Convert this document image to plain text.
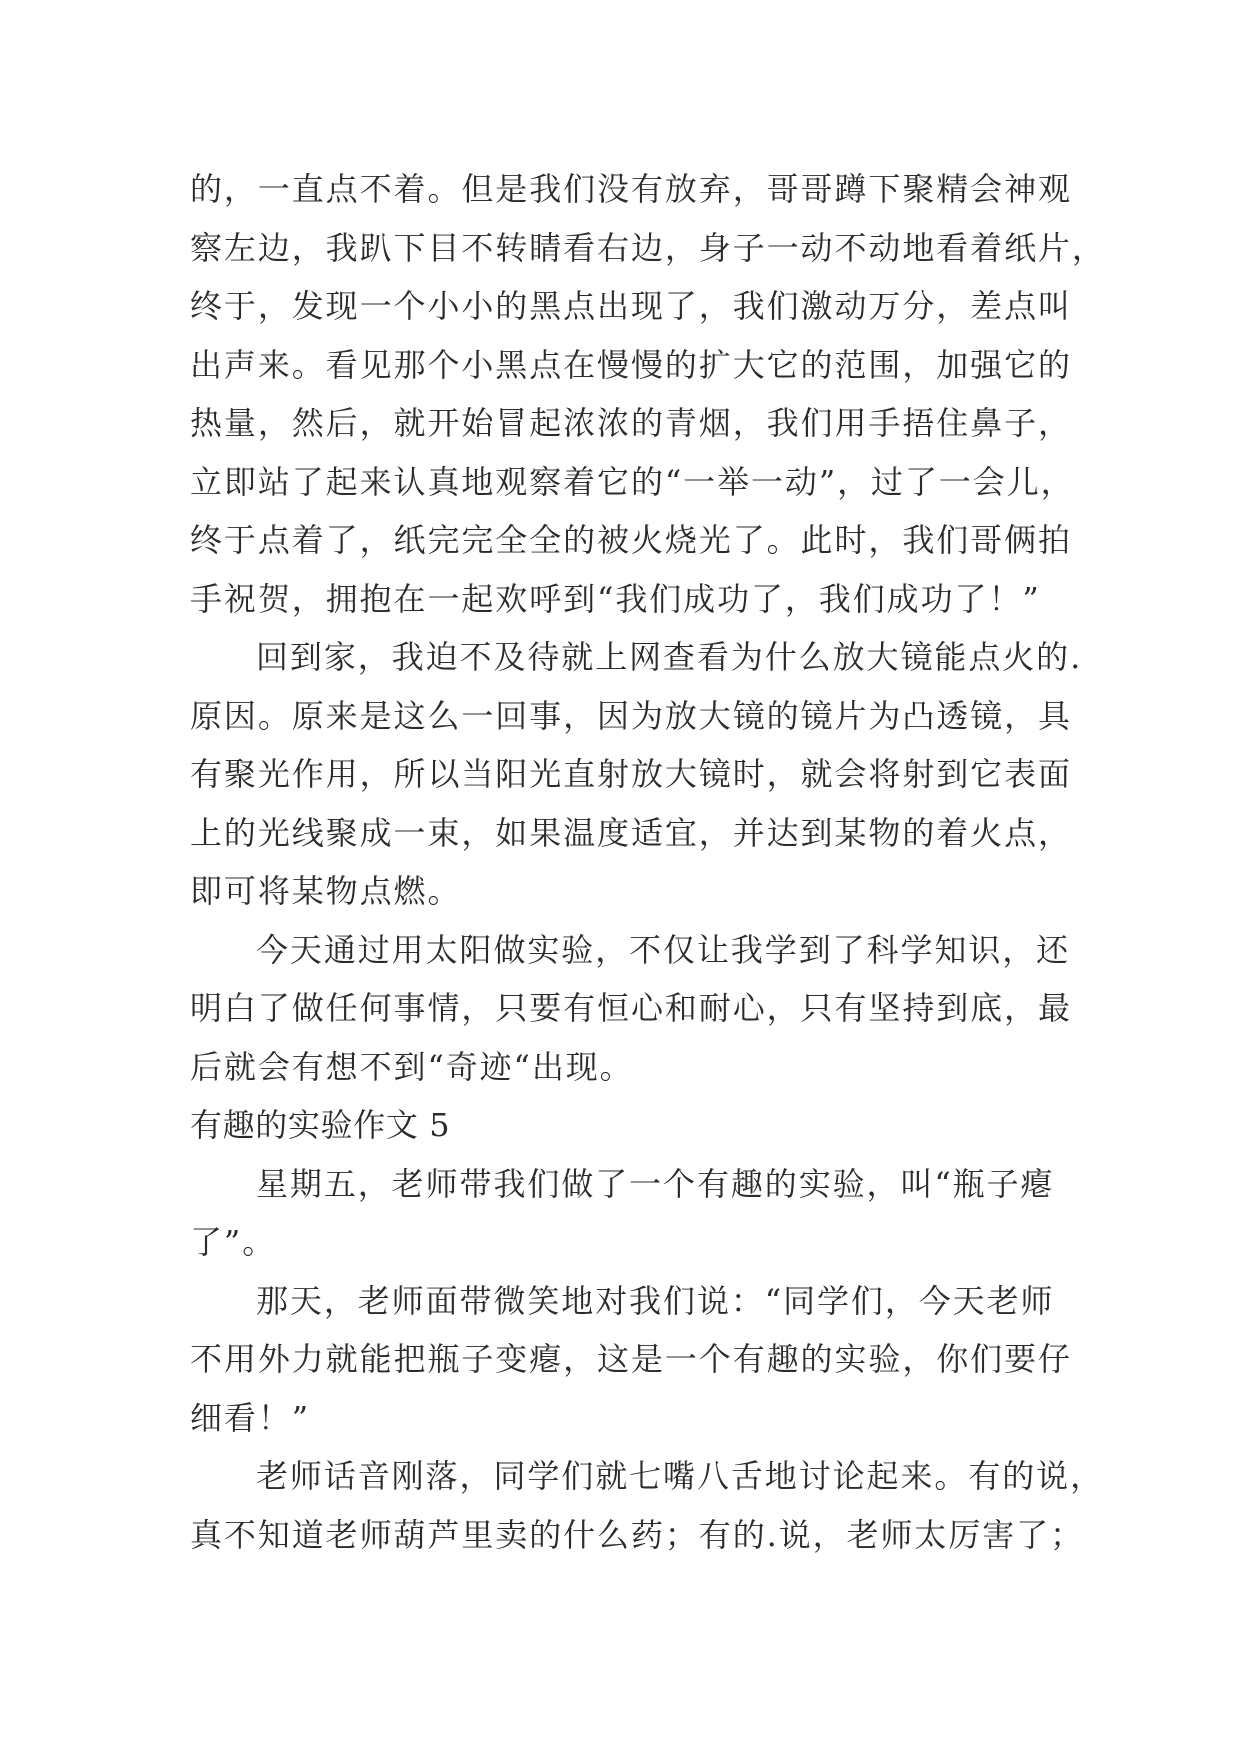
的，一直点不着。但是我们没有放弃，哥哥蹲下聚精会神观
察左边，我趴下目不转睛看右边，身子一动不动地看着纸片，
终于，发现一个小小的黑点出现了，我们激动万分，差点叫
出声来。看见那个小黑点在慢慢的扩大它的范围，加强它的
热量，然后，就开始冒起浓浓的青烟，我们用手捂住鼻子，
立即站了起来认真地观察着它的“一举一动”，过了一会儿，
终于点着了，纸完完全全的被火烧光了。此时，我们哥俩拍
手祝贺，拥抱在一起欢呼到“我们成功了，我们成功了！”
回到家，我迫不及待就上网查看为什么放大镜能点火的.
原因。原来是这么一回事，因为放大镜的镜片为凸透镜，具
有聚光作用，所以当阳光直射放大镜时，就会将射到它表面
上的光线聚成一束，如果温度适宜，并达到某物的着火点，
即可将某物点燃。
今天通过用太阳做实验，不仅让我学到了科学知识，还
明白了做任何事情，只要有恒心和耐心，只有坚持到底，最
后就会有想不到“奇迹“出现。
有趣的实验作文 5
星期五，老师带我们做了一个有趣的实验，叫“瓶子瘪
了”。
那天，老师面带微笑地对我们说：“同学们，今天老师
不用外力就能把瓶子变瘪，这是一个有趣的实验，你们要仔
细看！”
老师话音刚落，同学们就七嘴八舌地讨论起来。有的说，
真不知道老师葫芦里卖的什么药；有的.说，老师太厉害了；
